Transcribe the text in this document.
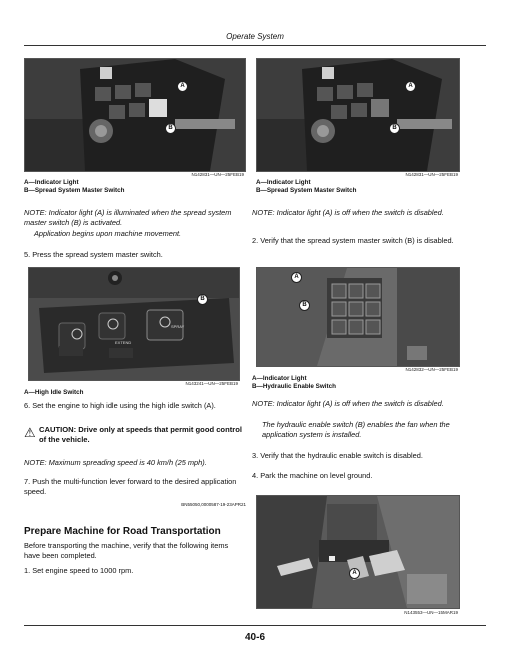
Operate System
A
B
N142831—UN—25FEB19
A—Indicator Light
B—Spread System Master Switch
A
B
N142831—UN—25FEB19
A—Indicator Light
B—Spread System Master Switch
NOTE: Indicator light (A) is illuminated when the spread system master switch (B) is activated.
Application begins upon machine movement.
5. Press the spread system master switch.
NOTE: Indicator light (A) is off when the switch is disabled.
2. Verify that the spread system master switch (B) is disabled.
B
SPRAY
EXTEND
N143241—UN—25FEB19
A—High Idle Switch
A
B
N142832—UN—25FEB19
A—Indicator Light
B—Hydraulic Enable Switch
6. Set the engine to high idle using the high idle switch (A).
⚠ CAUTION: Drive only at speeds that permit good control of the vehicle.
NOTE: Maximum spreading speed is 40 km/h (25 mph).
7. Push the multi-function lever forward to the desired application speed.
BN55050,0000587-19-23APR21
Prepare Machine for Road Transportation
Before transporting the machine, verify that the following items have been completed.
1. Set engine speed to 1000 rpm.
NOTE: Indicator light (A) is off when the switch is disabled.
The hydraulic enable switch (B) enables the fan when the application system is installed.
3. Verify that the hydraulic enable switch is disabled.
4. Park the machine on level ground.
A
N143553—UN—15MAR19
40-6
